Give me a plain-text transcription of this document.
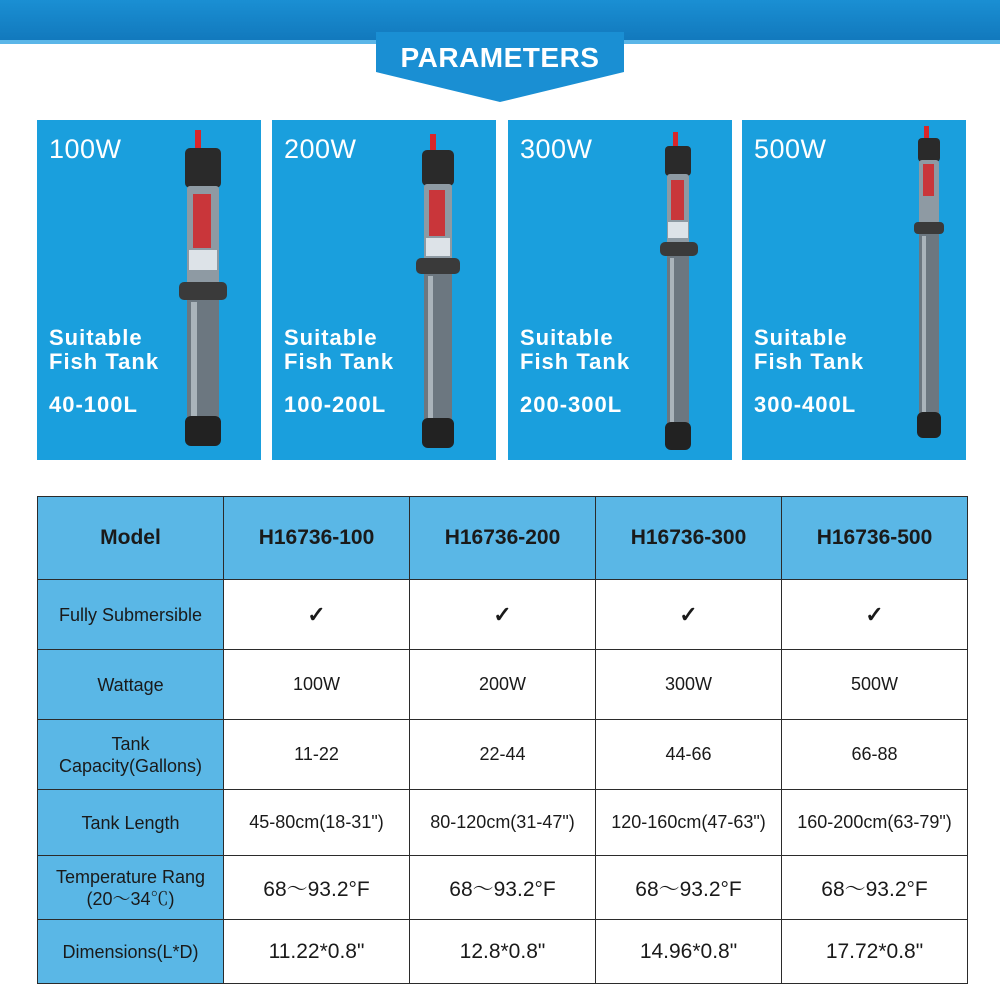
PARAMETERS
100W
Suitable
Fish Tank
40-100L
200W
Suitable
Fish Tank
100-200L
300W
Suitable
Fish Tank
200-300L
500W
Suitable
Fish Tank
300-400L
Model	H16736-100	H16736-200	H16736-300	H16736-500
Fully Submersible	✓	✓	✓	✓
Wattage	100W	200W	300W	500W

Tank
Capacity(Gallons)	11-22	22-44	44-66	66-88
Tank Length	45-80cm(18-31")	80-120cm(31-47")	120-160cm(47-63")	160-200cm(63-79")

Temperature Rang
(20～34℃)	68～93.2°F	68～93.2°F	68～93.2°F	68～93.2°F
Dimensions(L*D)	11.22*0.8"	12.8*0.8"	14.96*0.8"	17.72*0.8"
